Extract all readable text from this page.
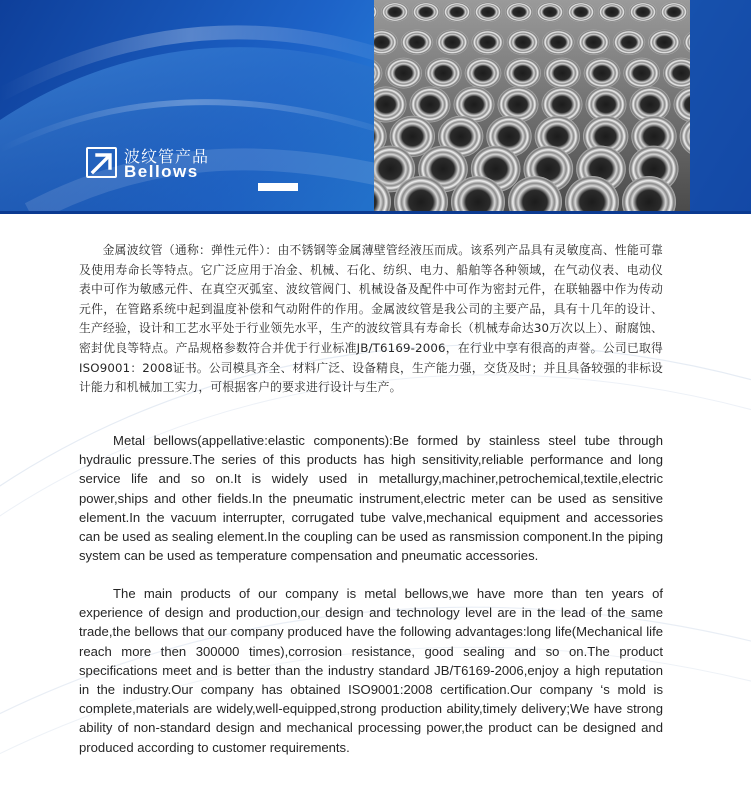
波纹管产品
Bellows
金属波纹管（通称：弹性元件）：由不锈钢等金属薄壁管经液压而成。该系列产品具有灵敏度高、性能可靠及使用寿命长等特点。它广泛应用于冶金、机械、石化、纺织、电力、船舶等各种领域，在气动仪表、电动仪表中可作为敏感元件、在真空灭弧室、波纹管阀门、机械设备及配件中可作为密封元件，在联轴器中作为传动元件，在管路系统中起到温度补偿和气动附件的作用。金属波纹管是我公司的主要产品，具有十几年的设计、生产经验，设计和工艺水平处于行业领先水平，生产的波纹管具有寿命长（机械寿命达30万次以上）、耐腐蚀、密封优良等特点。产品规格参数符合并优于行业标准JB/T6169-2006，在行业中享有很高的声誉。公司已取得ISO9001：2008证书。公司模具齐全、材料广泛、设备精良，生产能力强，交货及时；并且具备较强的非标设计能力和机械加工实力，可根据客户的要求进行设计与生产。
Metal bellows(appellative:elastic components):Be formed by stainless steel tube through hydraulic pressure.The series of this products has high sensitivity,reliable performance and long service life and so on.It is widely used in metallurgy,machiner,petrochemical,textile,electric power,ships and other fields.In the pneumatic instrument,electric meter can be used as sensitive element.In the vacuum interrupter, corrugated tube valve,mechanical equipment and accessories can be used as sealing element.In the coupling can be used as ransmission component.In the piping system can be used as temperature compensation and pneumatic accessories.
The main products of our company is metal bellows,we have more than ten years of experience of design and production,our design and technology level are in the lead of the same trade,the bellows that our company produced have the following advantages:long life(Mechanical life reach more then 300000 times),corrosion resistance, good sealing and so on.The product specifications meet and is better than the industry standard JB/T6169-2006,enjoy a high reputation in the industry.Our company has obtained ISO9001:2008 certification.Our company ‘s mold is complete,materials are widely,well-equipped,strong production ability,timely delivery;We have strong ability of non-standard design and mechanical processing power,the product can be designed and produced according to customer requirements.
